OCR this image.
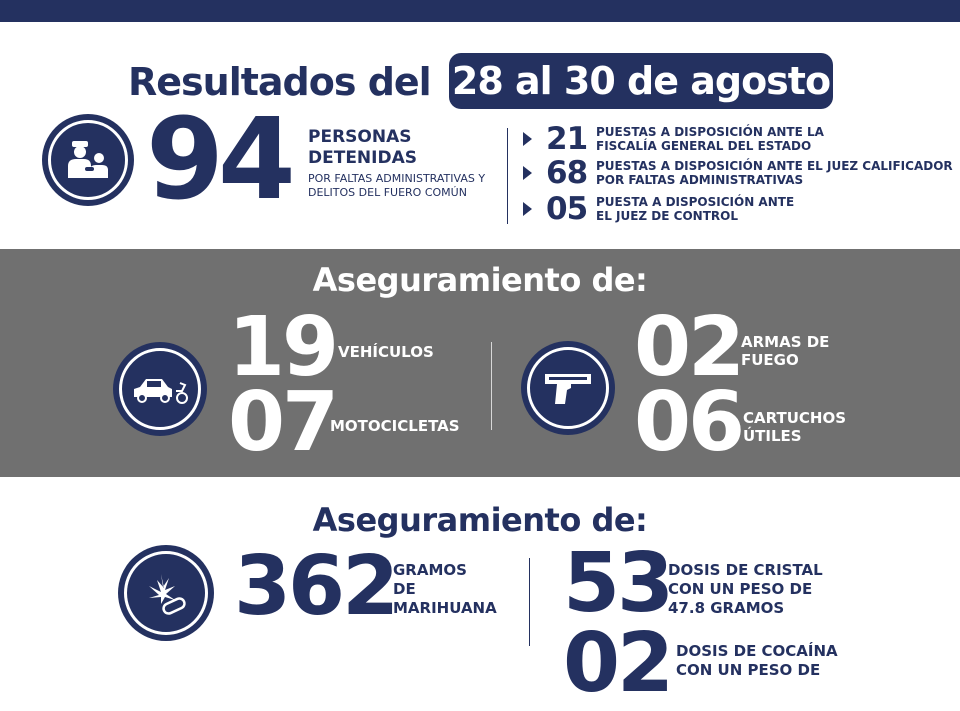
Resultados del 28 al 30 de agosto
94 PERSONAS
DETENIDAS
POR FALTAS ADMINISTRATIVAS Y
DELITOS DEL FUERO COMÚN
21 PUESTAS A DISPOSICIÓN ANTE LA
FISCALÍA GENERAL DEL ESTADO
68 PUESTAS A DISPOSICIÓN ANTE EL JUEZ CALIFICADOR
POR FALTAS ADMINISTRATIVAS
05 PUESTA A DISPOSICIÓN ANTE
EL JUEZ DE CONTROL
Aseguramiento de:
19 VEHÍCULOS
07
MOTOCICLETAS
02
ARMAS DE
FUEGO
06 CARTUCHOS
ÚTILES
Aseguramiento de:
362
GRAMOS
DE
MARIHUANA 53
DOSIS DE CRISTAL
CON UN PESO DE
47.8 GRAMOS
02 DOSIS DE COCAÍNA
CON UN PESO DE
